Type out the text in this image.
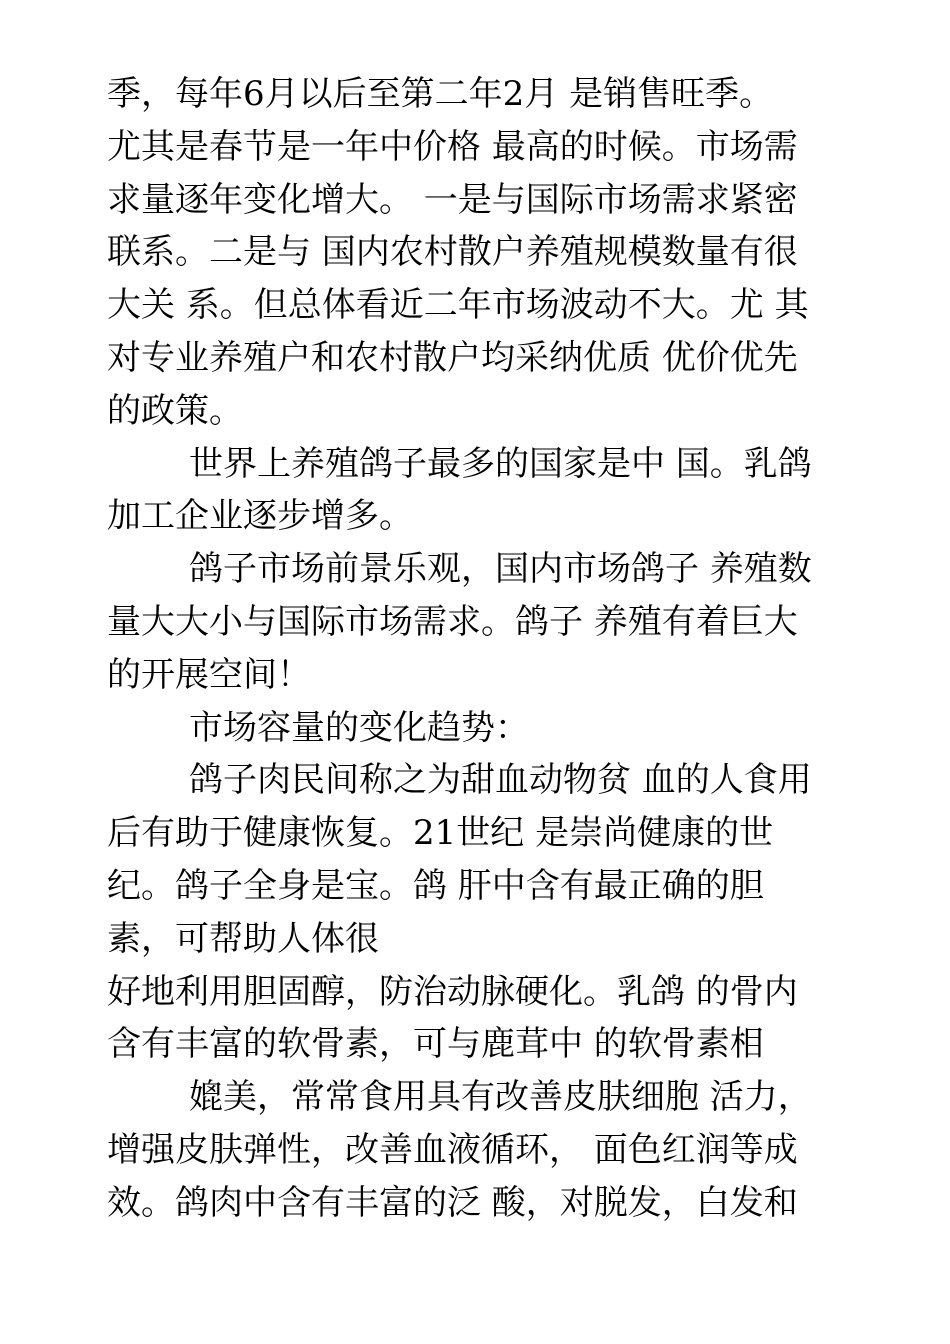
季，每年6月以后至第二年2月 是销售旺季。
尤其是春节是一年中价格 最高的时候。市场需
求量逐年变化增大。 一是与国际市场需求紧密
联系。二是与 国内农村散户养殖规模数量有很
大关 系。但总体看近二年市场波动不大。尤 其
对专业养殖户和农村散户均采纳优质 优价优先
的政策。
世界上养殖鸽子最多的国家是中 国。乳鸽
加工企业逐步增多。
鸽子市场前景乐观，国内市场鸽子 养殖数
量大大小与国际市场需求。鸽子 养殖有着巨大
的开展空间！
市场容量的变化趋势：
鸽子肉民间称之为甜血动物贫 血的人食用
后有助于健康恢复。21世纪 是崇尚健康的世
纪。鸽子全身是宝。鸽 肝中含有最正确的胆
素，可帮助人体很
好地利用胆固醇，防治动脉硬化。乳鸽 的骨内
含有丰富的软骨素，可与鹿茸中 的软骨素相
媲美，常常食用具有改善皮肤细胞 活力，
增强皮肤弹性，改善血液循环， 面色红润等成
效。鸽肉中含有丰富的泛 酸，对脱发，白发和
